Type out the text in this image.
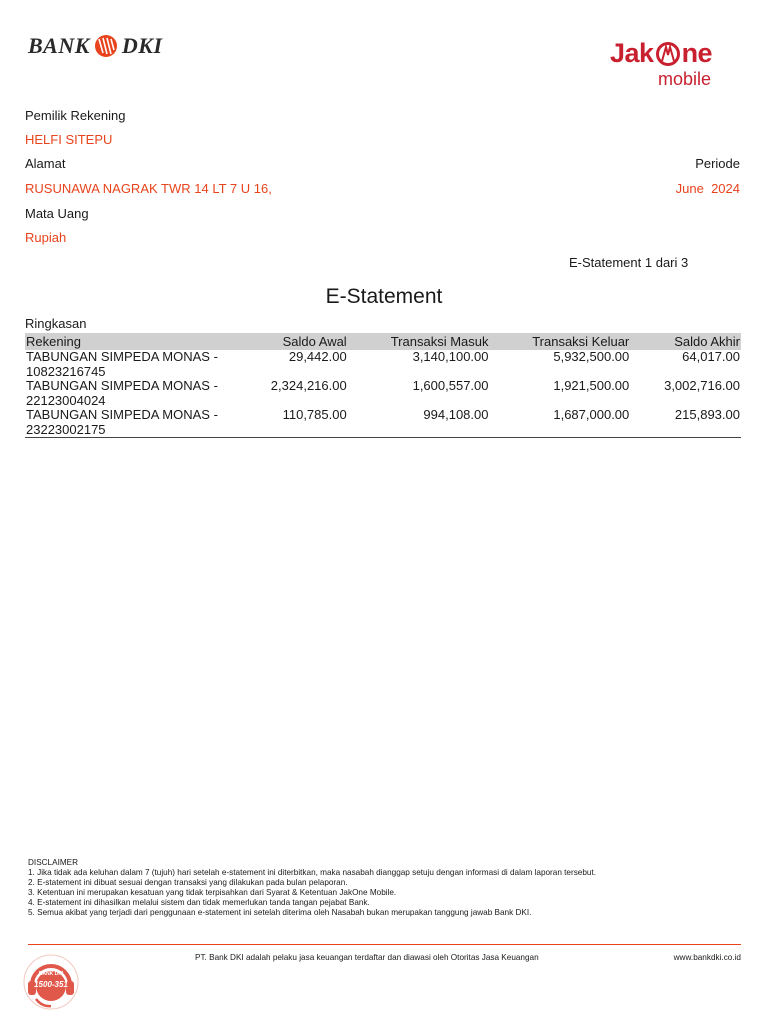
BANK DKI	Jak ne
mobile
Pemilik Rekening
HELFI SITEPU
Alamat
RUSUNAWA NAGRAK TWR 14 LT 7 U 16,
Periode
June  2024
Mata Uang
Rupiah
E-Statement 1 dari 3
E-Statement
Ringkasan
Rekening	Saldo Awal	Transaksi Masuk	Transaksi Keluar	Saldo Akhir

TABUNGAN SIMPEDA MONAS -
10823216745	29,442.00	3,140,100.00	5,932,500.00	64,017.00

TABUNGAN SIMPEDA MONAS -
22123004024	2,324,216.00	1,600,557.00	1,921,500.00	3,002,716.00

TABUNGAN SIMPEDA MONAS -
23223002175	110,785.00	994,108.00	1,687,000.00	215,893.00
DISCLAIMER
1. Jika tidak ada keluhan dalam 7 (tujuh) hari setelah e-statement ini diterbitkan, maka nasabah dianggap setuju dengan informasi di dalam laporan tersebut.
2. E-statement ini dibuat sesuai dengan transaksi yang dilakukan pada bulan pelaporan.
3. Ketentuan ini merupakan kesatuan yang tidak terpisahkan dari Syarat & Ketentuan JakOne Mobile.
4. E-statement ini dihasilkan melalui sistem dan tidak memerlukan tanda tangan pejabat Bank.
5. Semua akibat yang terjadi dari penggunaan e-statement ini setelah diterima oleh Nasabah bukan merupakan tanggung jawab Bank DKI.
BANK DKI
1500-351
PT. Bank DKI adalah pelaku jasa keuangan terdaftar dan diawasi oleh Otoritas Jasa Keuangan	www.bankdki.co.id
